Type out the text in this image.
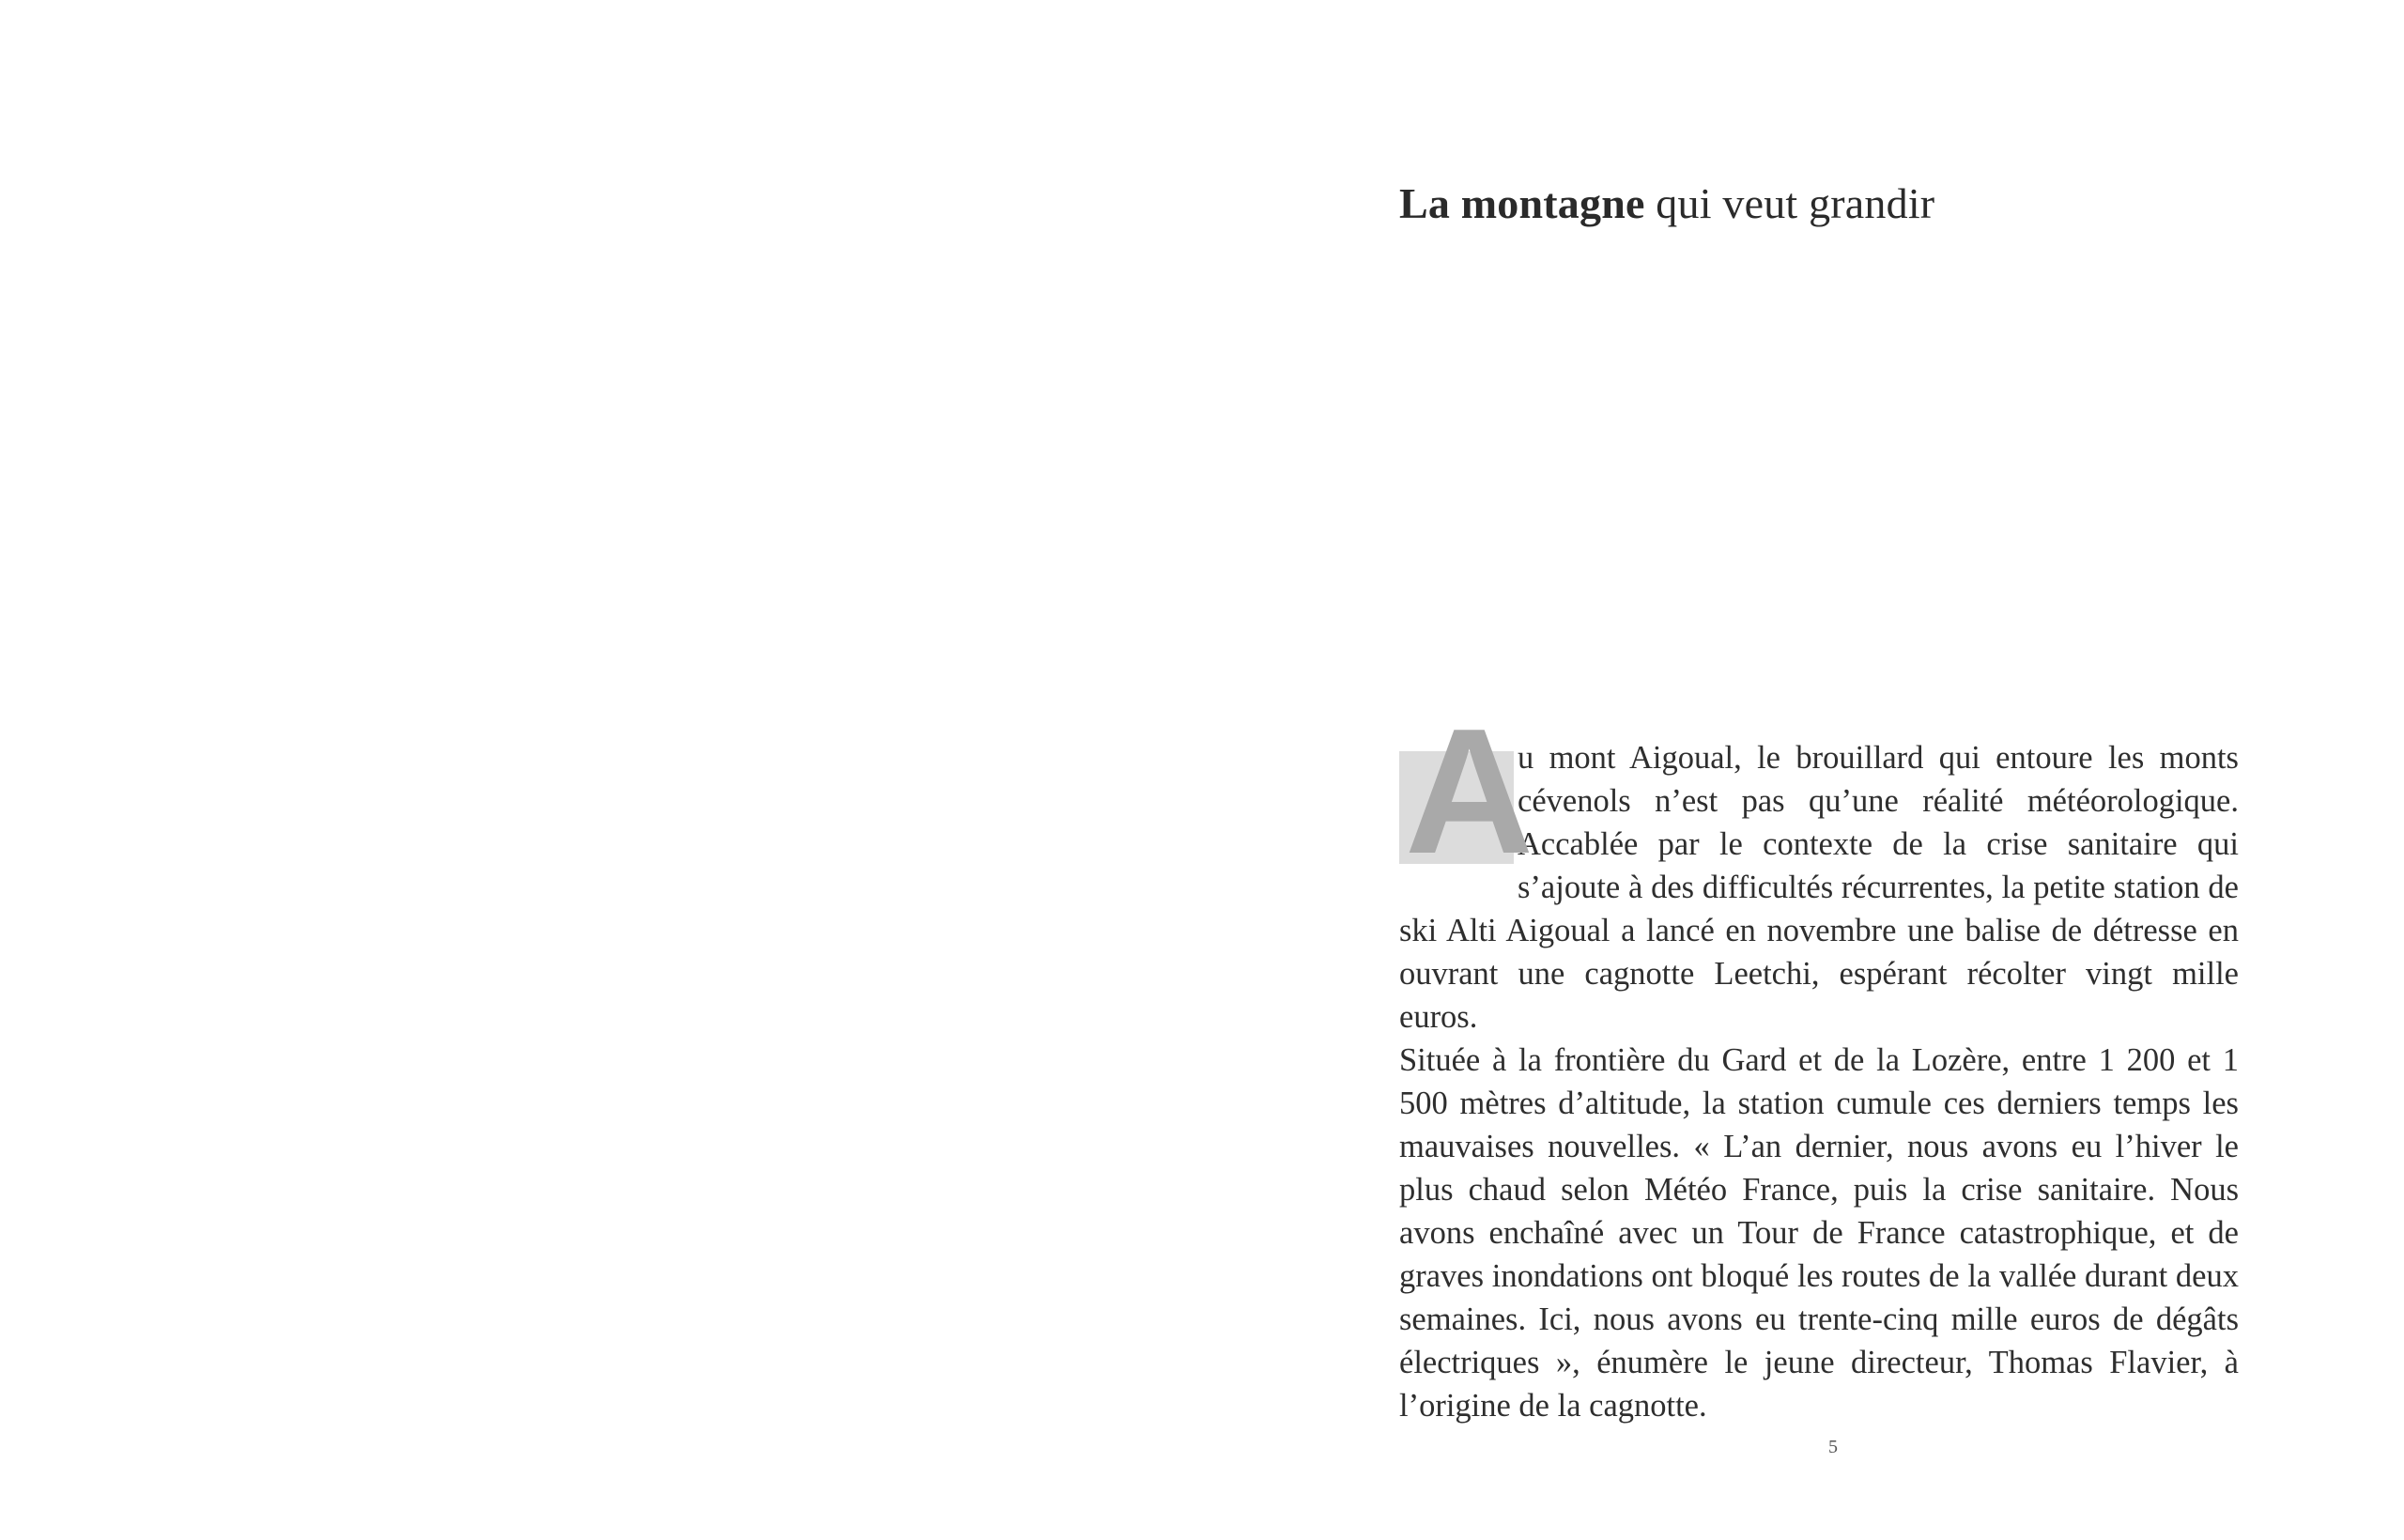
La montagne qui veut grandir
A

u mont Aigoual, le brouillard qui entoure les monts cévenols n’est pas qu’une réalité météorologique. Accablée par le contexte de la crise sanitaire qui s’ajoute à des difficultés récurrentes, la petite station de ski Alti Aigoual a lancé en novembre une balise de détresse en ouvrant une cagnotte Leetchi, espérant récolter vingt mille euros.

Située à la frontière du Gard et de la Lozère, entre 1 200 et 1 500 mètres d’altitude, la station cumule ces derniers temps les mauvaises nouvelles. « L’an dernier, nous avons eu l’hiver le plus chaud selon Météo France, puis la crise sanitaire. Nous avons enchaîné avec un Tour de France catastrophique, et de graves inondations ont bloqué les routes de la vallée durant deux semaines. Ici, nous avons eu trente-cinq mille euros de dégâts électriques », énumère le jeune directeur, Thomas Flavier, à l’origine de la cagnotte.

5
